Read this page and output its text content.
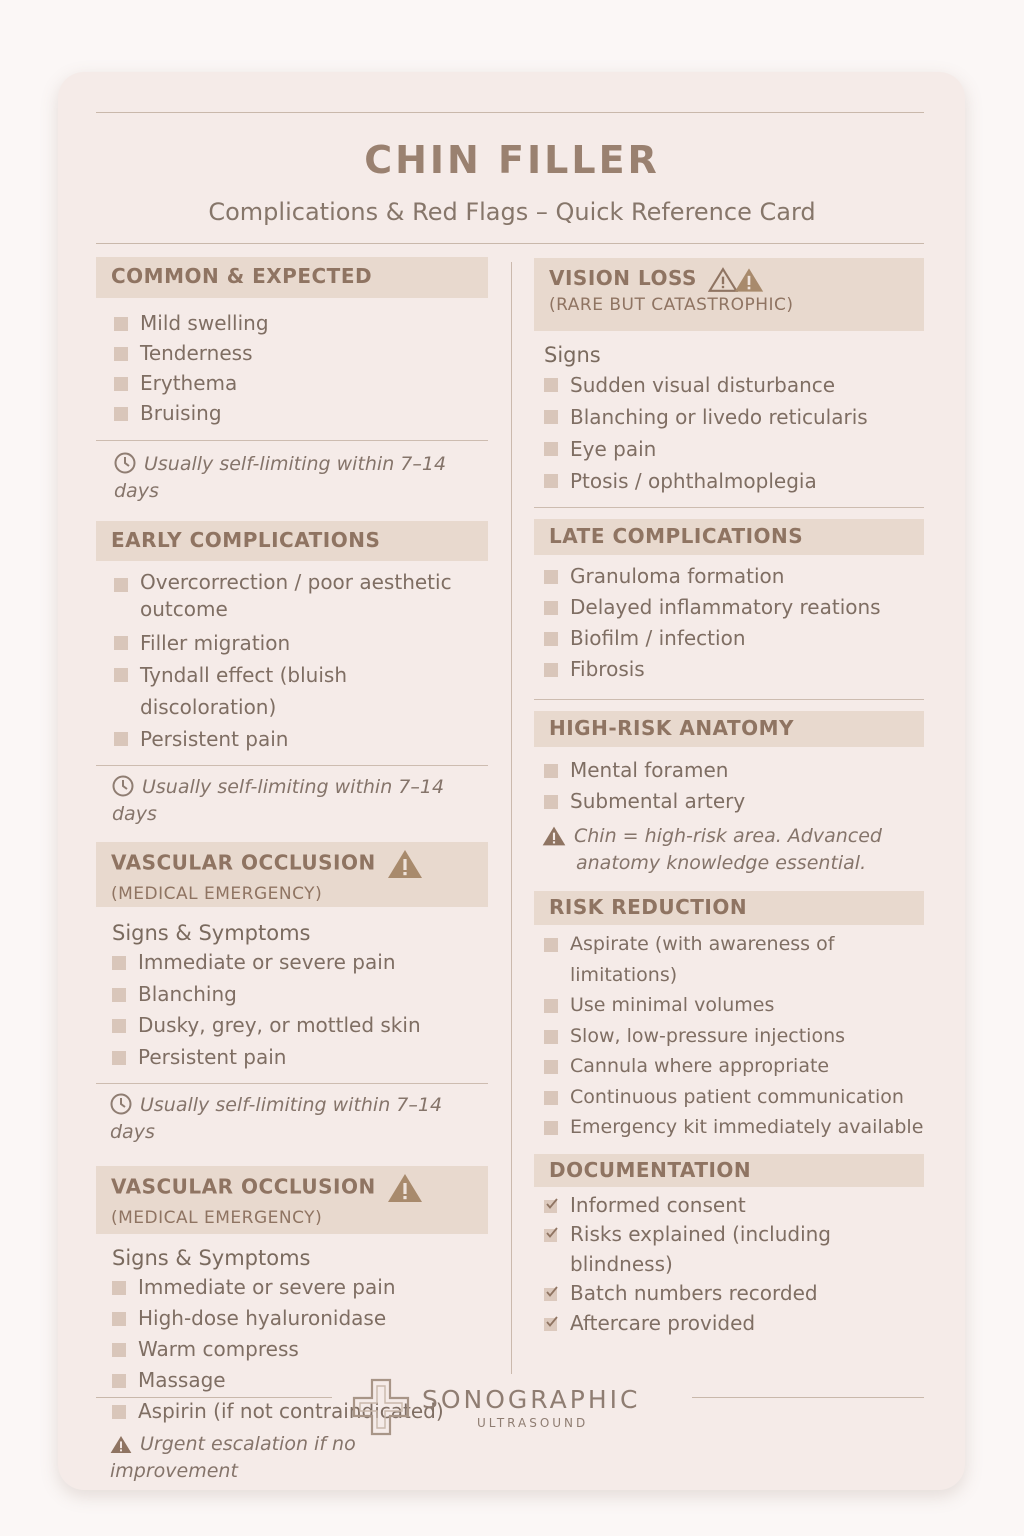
CHIN FILLER
Complications & Red Flags – Quick Reference Card
COMMON & EXPECTED
Mild swelling
Tenderness
Erythema
Bruising
Usually self-limiting within 7–14 days
EARLY COMPLICATIONS
Overcorrection / poor aesthetic outcome
Filler migration
Tyndall effect (bluish discoloration)
Persistent pain
Usually self-limiting within 7–14 days
VASCULAR OCCLUSION
(MEDICAL EMERGENCY)
Signs & Symptoms
Immediate or severe pain
Blanching
Dusky, grey, or mottled skin
Persistent pain
Usually self-limiting within 7–14 days
VASCULAR OCCLUSION
(MEDICAL EMERGENCY)
Signs & Symptoms
Immediate or severe pain
High-dose hyaluronidase
Warm compress
Massage
Aspirin (if not contraindicated)
Urgent escalation if no improvement
VISION LOSS
(RARE BUT CATASTROPHIC)
Signs
Sudden visual disturbance
Blanching or livedo reticularis
Eye pain
Ptosis / ophthalmoplegia
LATE COMPLICATIONS
Granuloma formation
Delayed inflammatory reations
Biofilm / infection
Fibrosis
HIGH-RISK ANATOMY
Mental foramen
Submental artery
Chin = high-risk area. Advanced anatomy knowledge essential.
RISK REDUCTION
Aspirate (with awareness of limitations)
Use minimal volumes
Slow, low-pressure injections
Cannula where appropriate
Continuous patient communication
Emergency kit immediately available
DOCUMENTATION
Informed consent
Risks explained (including blindness)
Batch numbers recorded
Aftercare provided
SONOGRAPHIC
ULTRASOUND
